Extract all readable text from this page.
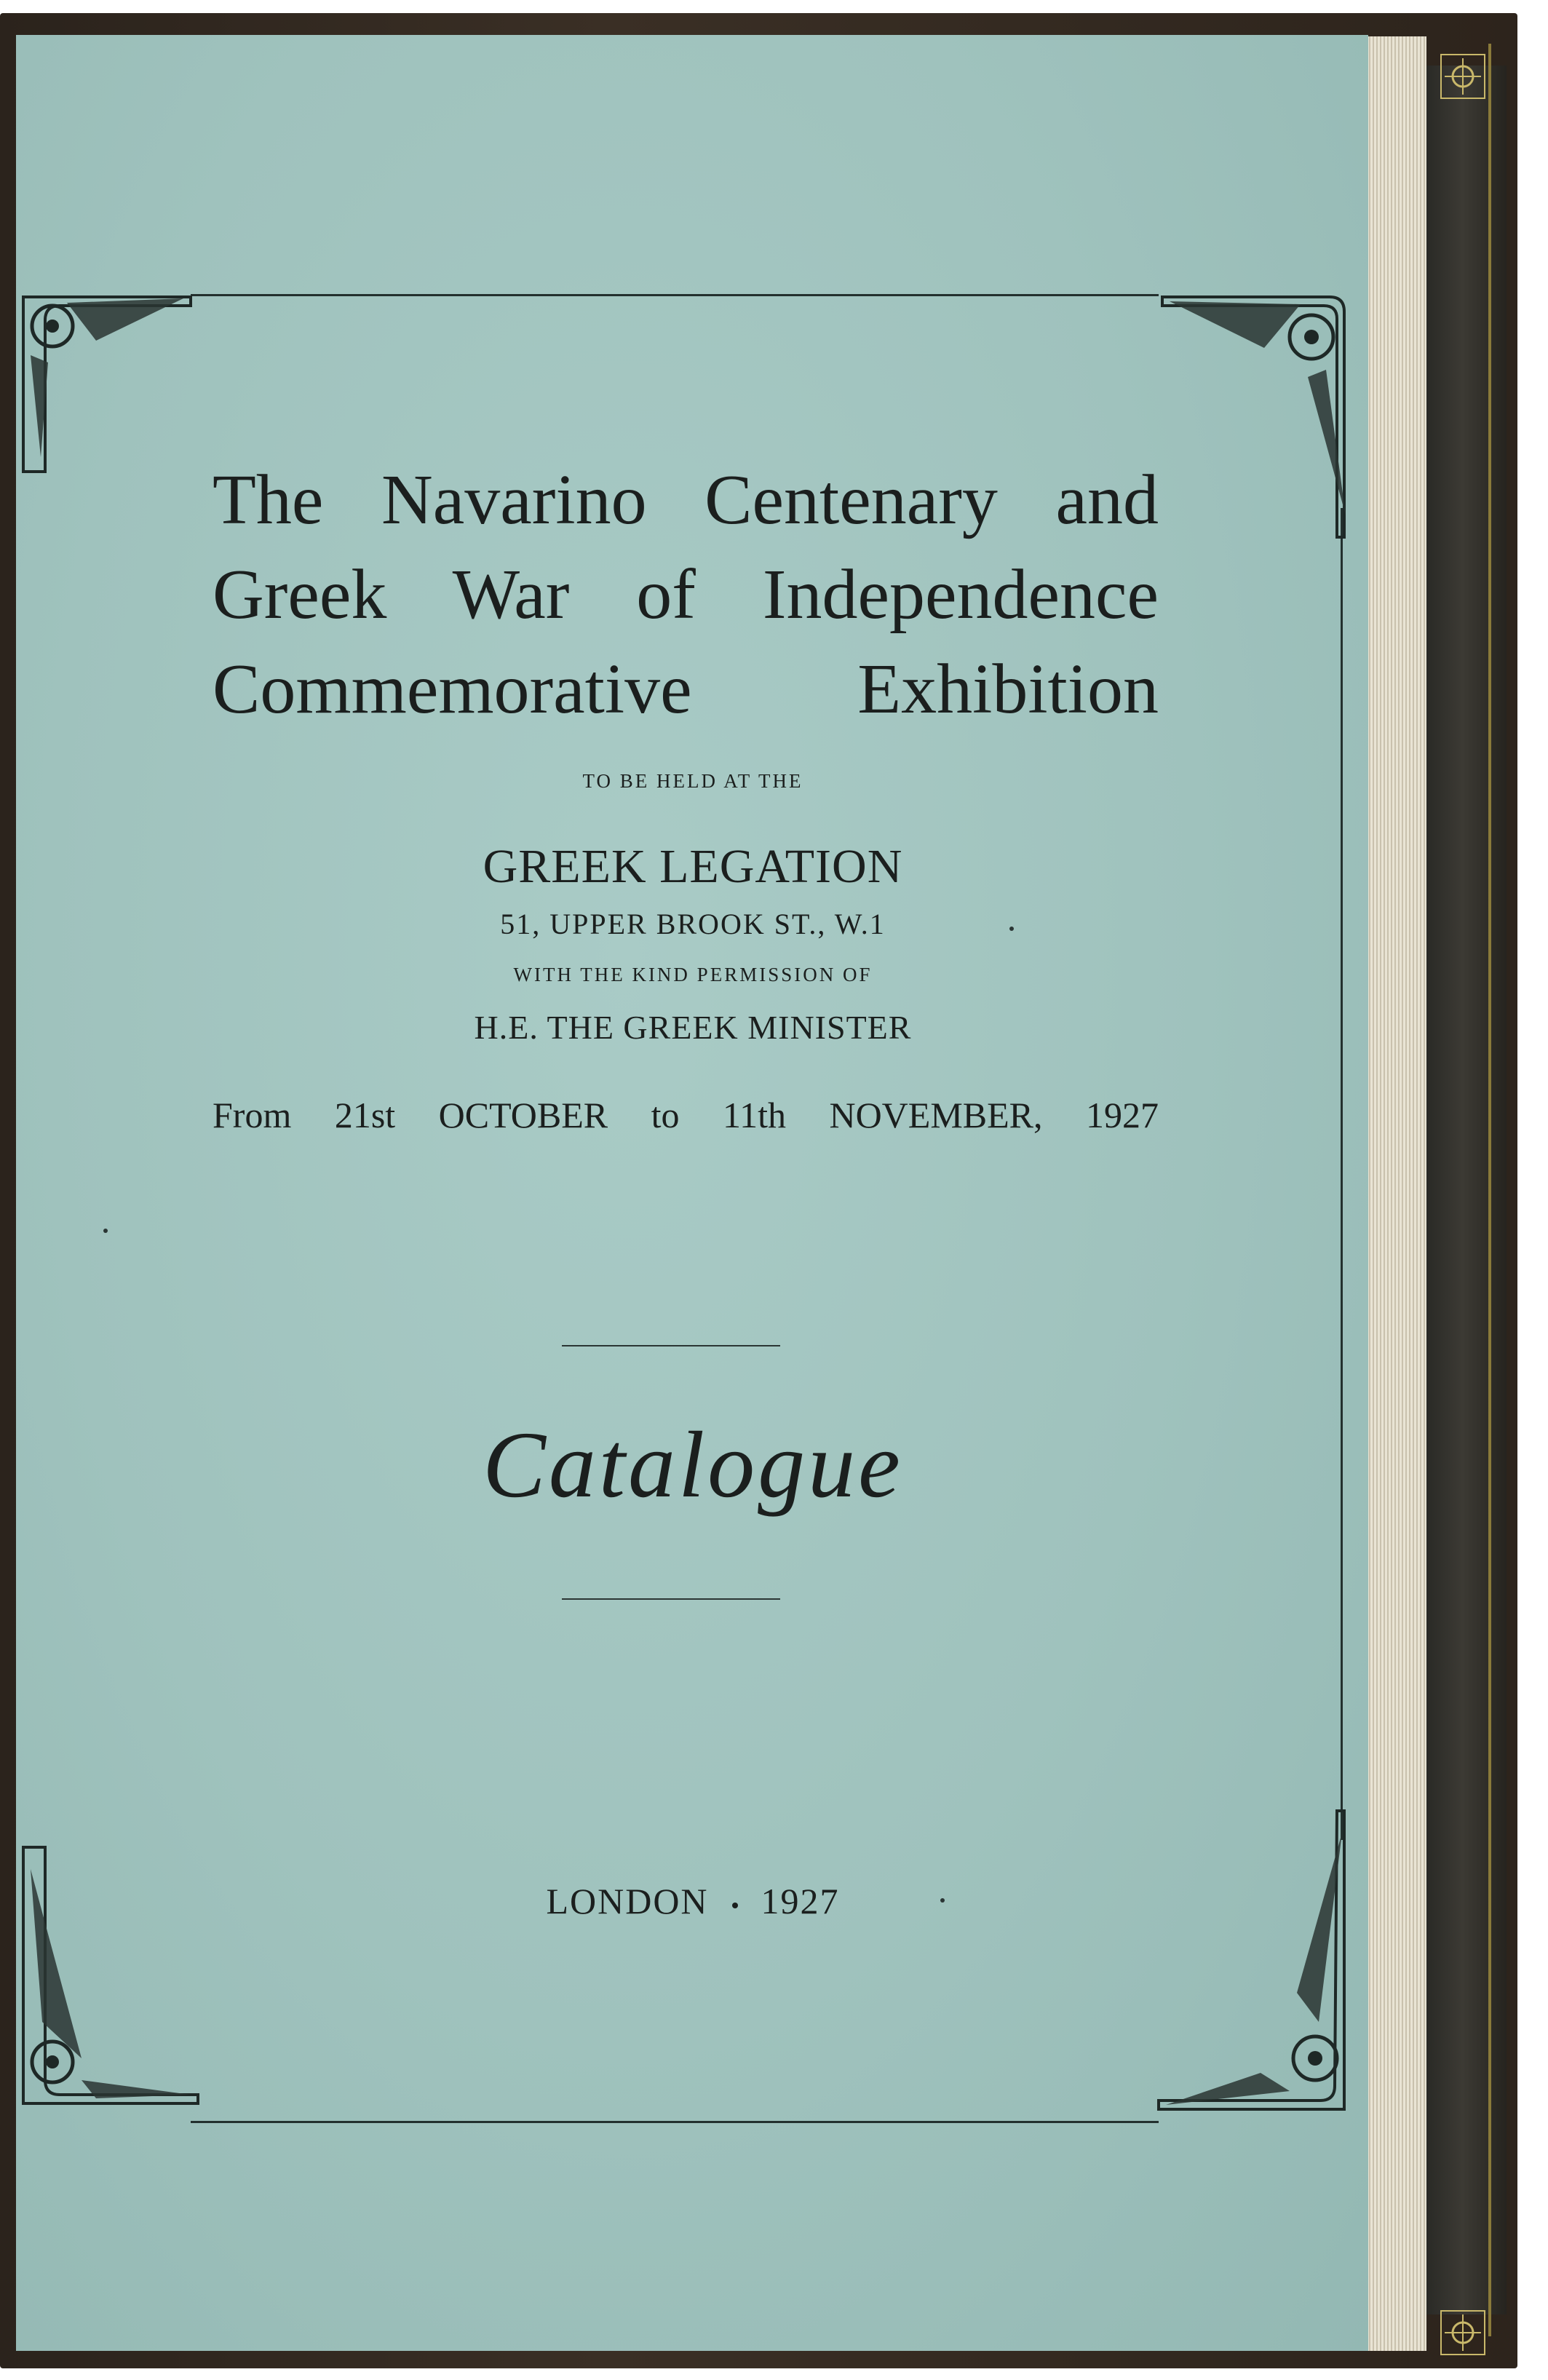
The Navarino Centenary and
Greek War of Independence
Commemorative Exhibition
TO BE HELD AT THE
GREEK LEGATION
51, UPPER BROOK ST., W.1
WITH THE KIND PERMISSION OF
H.E. THE GREEK MINISTER
From 21st OCTOBER to 11th NOVEMBER, 1927
Catalogue
LONDON 1927
